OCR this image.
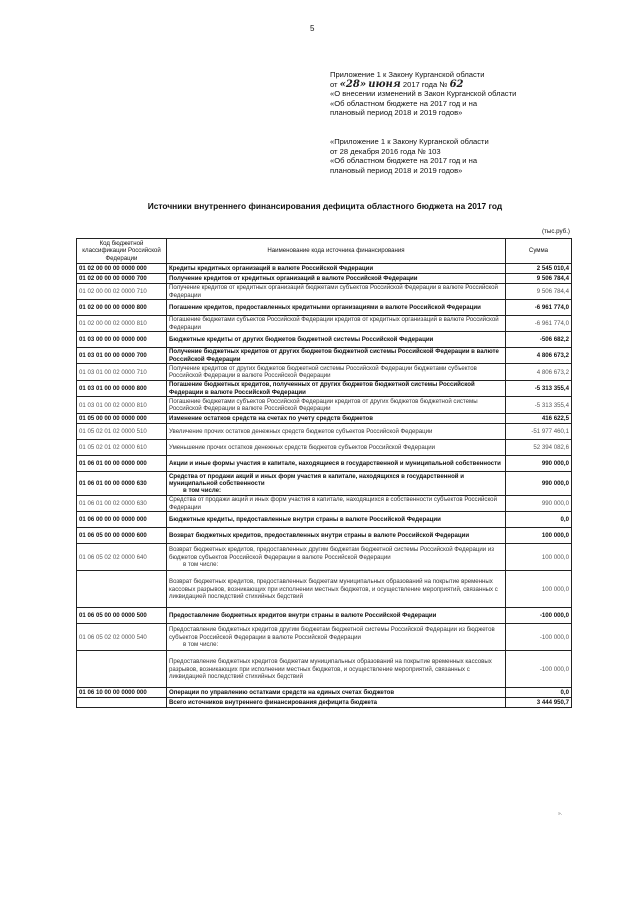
5
Приложение 1 к Закону Курганской области
от «28» июня 2017 года № 62
«О внесении изменений в Закон Курганской области
«Об областном бюджете на 2017 год и на
плановый период 2018 и 2019 годов»
«Приложение 1 к Закону Курганской области
от 28 декабря 2016 года № 103
«Об областном бюджете на 2017 год и на
плановый период 2018 и 2019 годов»
Источники внутреннего финансирования дефицита областного бюджета на 2017 год
(тыс.руб.)
Код бюджетной классификации Российской Федерации	Наименование кода источника финансирования	Сумма
01 02 00 00 00 0000 000	Кредиты кредитных организаций в валюте Российской Федерации	2 545 010,4
01 02 00 00 00 0000 700	Получение кредитов от кредитных организаций в валюте Российской Федерации	9 506 784,4
01 02 00 00 02 0000 710	Получение кредитов от кредитных организаций бюджетами субъектов Российской Федерации в валюте Российской Федерации	9 506 784,4
01 02 00 00 00 0000 800	Погашение кредитов, предоставленных кредитными организациями в валюте Российской Федерации	-6 961 774,0
01 02 00 00 02 0000 810	Погашение бюджетами субъектов Российской Федерации кредитов от кредитных организаций в валюте Российской Федерации	-6 961 774,0
01 03 00 00 00 0000 000	Бюджетные кредиты от других бюджетов бюджетной системы Российской Федерации	-506 682,2
01 03 01 00 00 0000 700	Получение бюджетных кредитов от других бюджетов бюджетной системы Российской Федерации в валюте Российской Федерации	4 806 673,2
01 03 01 00 02 0000 710	Получение кредитов от других бюджетов бюджетной системы Российской Федерации бюджетами субъектов Российской Федерации в валюте Российской Федерации	4 806 673,2
01 03 01 00 00 0000 800	Погашение бюджетных кредитов, полученных от других бюджетов бюджетной системы Российской Федерации в валюте Российской Федерации	-5 313 355,4
01 03 01 00 02 0000 810	Погашение бюджетами субъектов Российской Федерации кредитов от других бюджетов бюджетной системы Российской Федерации в валюте Российской Федерации	-5 313 355,4
01 05 00 00 00 0000 000	Изменение остатков средств на счетах по учету средств бюджетов	416 622,5
01 05 02 01 02 0000 510	Увеличение прочих остатков денежных средств бюджетов субъектов Российской Федерации	-51 977 460,1
01 05 02 01 02 0000 610	Уменьшение прочих остатков денежных средств бюджетов субъектов Российской Федерации	52 394 082,6
01 06 01 00 00 0000 000	Акции и иные формы участия в капитале, находящиеся в государственной и муниципальной собственности	990 000,0
01 06 01 00 00 0000 630	Средства от продажи акций и иных форм участия в капитале, находящихся в государственной и муниципальной собственности
в том числе:	990 000,0
01 06 01 00 02 0000 630	Средства от продажи акций и иных форм участия в капитале, находящихся в собственности субъектов Российской Федерации	990 000,0
01 06 00 00 00 0000 000	Бюджетные кредиты, предоставленные внутри страны в валюте Российской Федерации	0,0
01 06 05 00 00 0000 600	Возврат бюджетных кредитов, предоставленных внутри страны в валюте Российской Федерации	100 000,0
01 06 05 02 02 0000 640	Возврат бюджетных кредитов, предоставленных другим бюджетам бюджетной системы Российской Федерации из бюджетов субъектов Российской Федерации в валюте Российской Федерации
в том числе:	100 000,0
	Возврат бюджетных кредитов, предоставленных бюджетам муниципальных образований на покрытие временных кассовых разрывов, возникающих при исполнении местных бюджетов, и осуществление мероприятий, связанных с ликвидацией последствий стихийных бедствий	100 000,0
01 06 05 00 00 0000 500	Предоставление бюджетных кредитов внутри страны в валюте Российской Федерации	-100 000,0
01 06 05 02 02 0000 540	Предоставление бюджетных кредитов другим бюджетам бюджетной системы Российской Федерации из бюджетов субъектов Российской Федерации в валюте Российской Федерации
в том числе:	-100 000,0
	Предоставление бюджетных кредитов бюджетам муниципальных образований на покрытие временных кассовых разрывов, возникающих при исполнении местных бюджетов, и осуществление мероприятий, связанных с ликвидацией последствий стихийных бедствий	-100 000,0
01 06 10 00 00 0000 000	Операции по управлению остатками средств на единых счетах бюджетов	0,0
	Всего источников внутреннего финансирования дефицита бюджета	3 444 950,7
».
